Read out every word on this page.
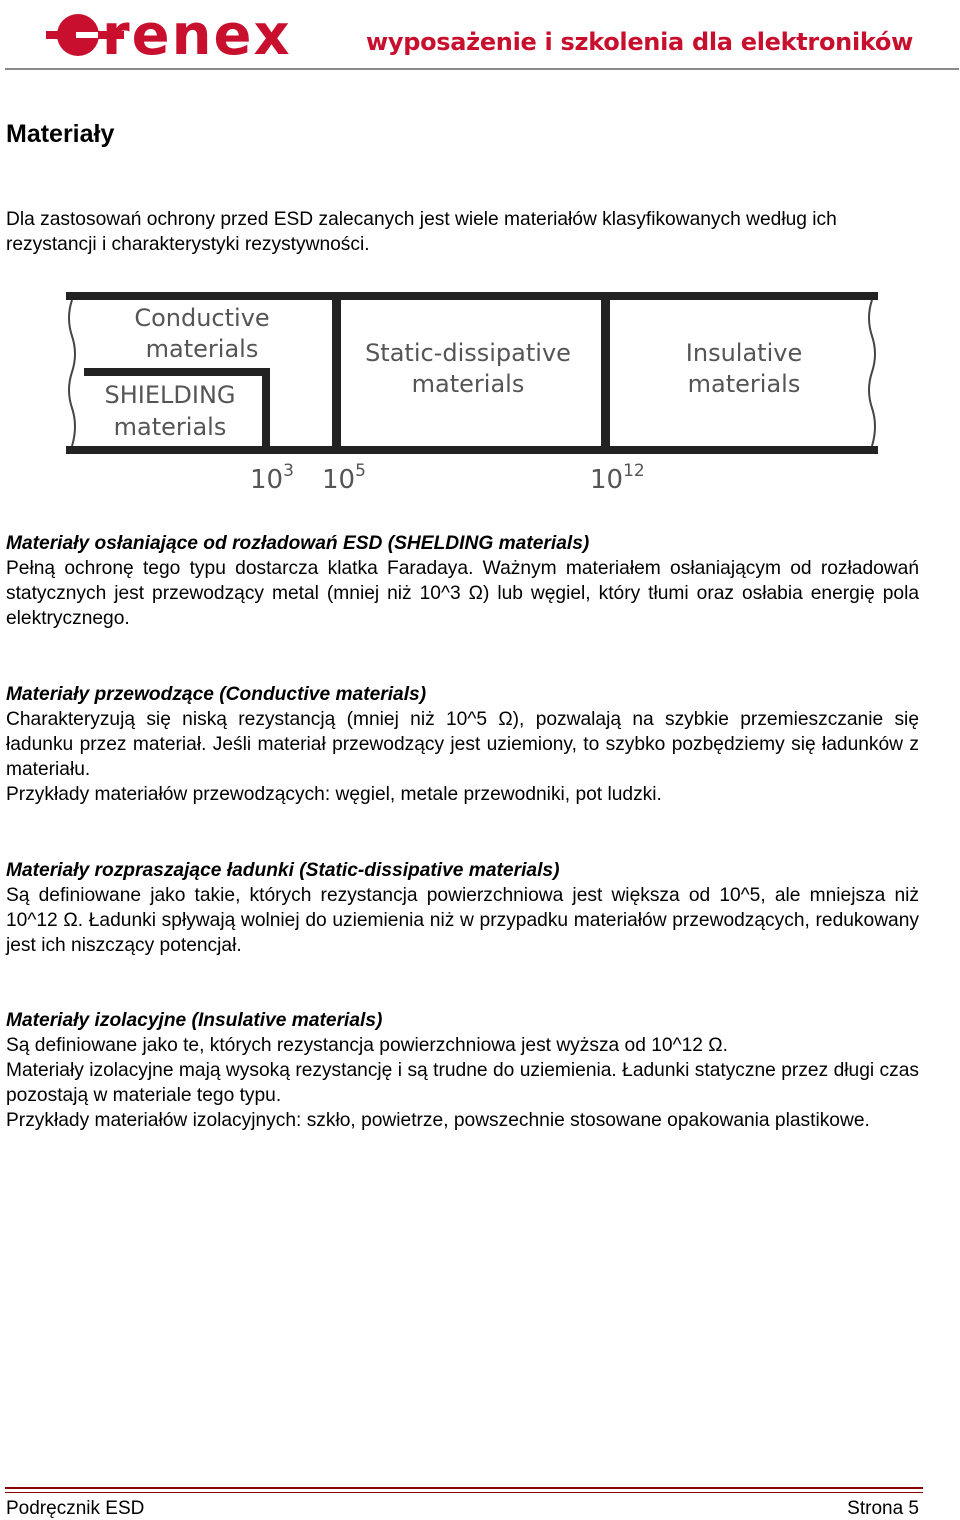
renex	wyposażenie i szkolenia dla elektroników
Materiały

Dla zastosowań ochrony przed ESD zalecanych jest wiele materiałów klasyfikowanych według ich rezystancji i charakterystyki rezystywności.

Conductive
materials
SHIELDING
materials
Static-dissipative
materials
Insulative
materials
$10^3$ $10^5$	$10^{12}$
Materiały osłaniające od rozładowań ESD (SHELDING materials)
Pełną ochronę tego typu dostarcza klatka Faradaya. Ważnym materiałem osłaniającym od rozładowań statycznych jest przewodzący metal (mniej niż 10^3 Ω) lub węgiel, który tłumi oraz osłabia energię pola elektrycznego.
Materiały przewodzące (Conductive materials)
Charakteryzują się niską rezystancją (mniej niż 10^5 Ω), pozwalają na szybkie przemieszczanie się ładunku przez materiał. Jeśli materiał przewodzący jest uziemiony, to szybko pozbędziemy się ładunków z materiału.
Przykłady materiałów przewodzących: węgiel, metale przewodniki, pot ludzki.
Materiały rozpraszające ładunki (Static-dissipative materials)
Są definiowane jako takie, których rezystancja powierzchniowa jest większa od 10^5, ale mniejsza niż 10^12 Ω. Ładunki spływają wolniej do uziemienia niż w przypadku materiałów przewodzących, redukowany jest ich niszczący potencjał.
Materiały izolacyjne (Insulative materials)
Są definiowane jako te, których rezystancja powierzchniowa jest wyższa od 10^12 Ω.
Materiały izolacyjne mają wysoką rezystancję i są trudne do uziemienia. Ładunki statyczne przez długi czas pozostają w materiale tego typu.
Przykłady materiałów izolacyjnych: szkło, powietrze, powszechnie stosowane opakowania plastikowe.
Podręcznik ESD	Strona 5
